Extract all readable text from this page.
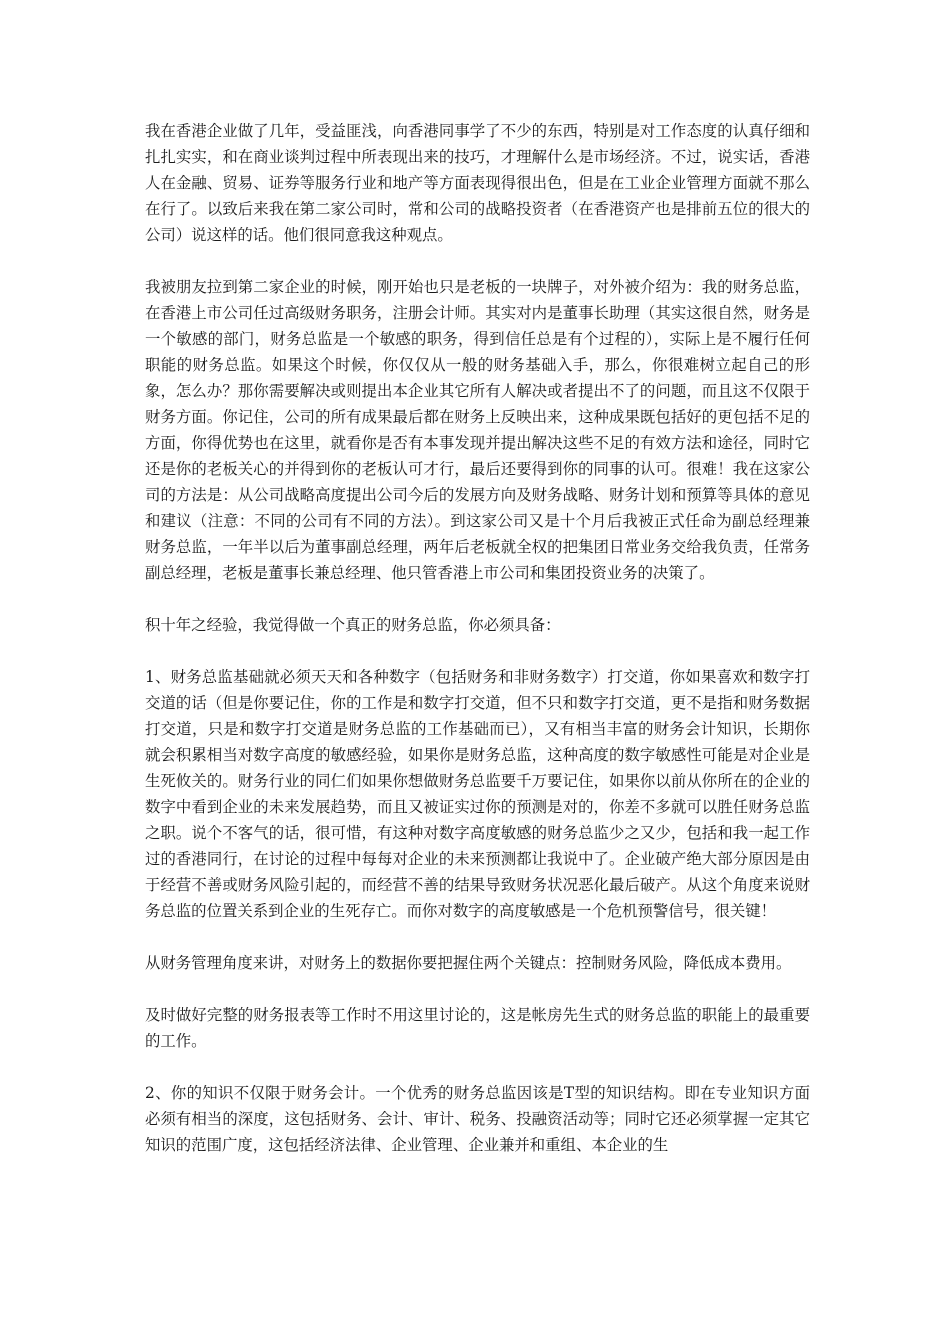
我在香港企业做了几年，受益匪浅，向香港同事学了不少的东西，特别是对工作态度的认真仔细和扎扎实实，和在商业谈判过程中所表现出来的技巧，才理解什么是市场经济。不过，说实话，香港人在金融、贸易、证券等服务行业和地产等方面表现得很出色，但是在工业企业管理方面就不那么在行了。以致后来我在第二家公司时，常和公司的战略投资者（在香港资产也是排前五位的很大的公司）说这样的话。他们很同意我这种观点。

我被朋友拉到第二家企业的时候，刚开始也只是老板的一块牌子，对外被介绍为：我的财务总监，在香港上市公司任过高级财务职务，注册会计师。其实对内是董事长助理（其实这很自然，财务是一个敏感的部门，财务总监是一个敏感的职务，得到信任总是有个过程的），实际上是不履行任何职能的财务总监。如果这个时候，你仅仅从一般的财务基础入手，那么，你很难树立起自己的形象，怎么办？那你需要解决或则提出本企业其它所有人解决或者提出不了的问题，而且这不仅限于财务方面。你记住，公司的所有成果最后都在财务上反映出来，这种成果既包括好的更包括不足的方面，你得优势也在这里，就看你是否有本事发现并提出解决这些不足的有效方法和途径，同时它还是你的老板关心的并得到你的老板认可才行，最后还要得到你的同事的认可。很难！我在这家公司的方法是：从公司战略高度提出公司今后的发展方向及财务战略、财务计划和预算等具体的意见和建议（注意：不同的公司有不同的方法）。到这家公司又是十个月后我被正式任命为副总经理兼财务总监，一年半以后为董事副总经理，两年后老板就全权的把集团日常业务交给我负责，任常务副总经理，老板是董事长兼总经理、他只管香港上市公司和集团投资业务的决策了。

积十年之经验，我觉得做一个真正的财务总监，你必须具备：

1、财务总监基础就必须天天和各种数字（包括财务和非财务数字）打交道，你如果喜欢和数字打交道的话（但是你要记住，你的工作是和数字打交道，但不只和数字打交道，更不是指和财务数据打交道，只是和数字打交道是财务总监的工作基础而已），又有相当丰富的财务会计知识，长期你就会积累相当对数字高度的敏感经验，如果你是财务总监，这种高度的数字敏感性可能是对企业是生死攸关的。财务行业的同仁们如果你想做财务总监要千万要记住，如果你以前从你所在的企业的数字中看到企业的未来发展趋势，而且又被证实过你的预测是对的，你差不多就可以胜任财务总监之职。说个不客气的话，很可惜，有这种对数字高度敏感的财务总监少之又少，包括和我一起工作过的香港同行，在讨论的过程中每每对企业的未来预测都让我说中了。企业破产绝大部分原因是由于经营不善或财务风险引起的，而经营不善的结果导致财务状况恶化最后破产。从这个角度来说财务总监的位置关系到企业的生死存亡。而你对数字的高度敏感是一个危机预警信号，很关键！

从财务管理角度来讲，对财务上的数据你要把握住两个关键点：控制财务风险，降低成本费用。

及时做好完整的财务报表等工作时不用这里讨论的，这是帐房先生式的财务总监的职能上的最重要的工作。

2、你的知识不仅限于财务会计。一个优秀的财务总监因该是T型的知识结构。即在专业知识方面必须有相当的深度，这包括财务、会计、审计、税务、投融资活动等；同时它还必须掌握一定其它知识的范围广度，这包括经济法律、企业管理、企业兼并和重组、本企业的生
